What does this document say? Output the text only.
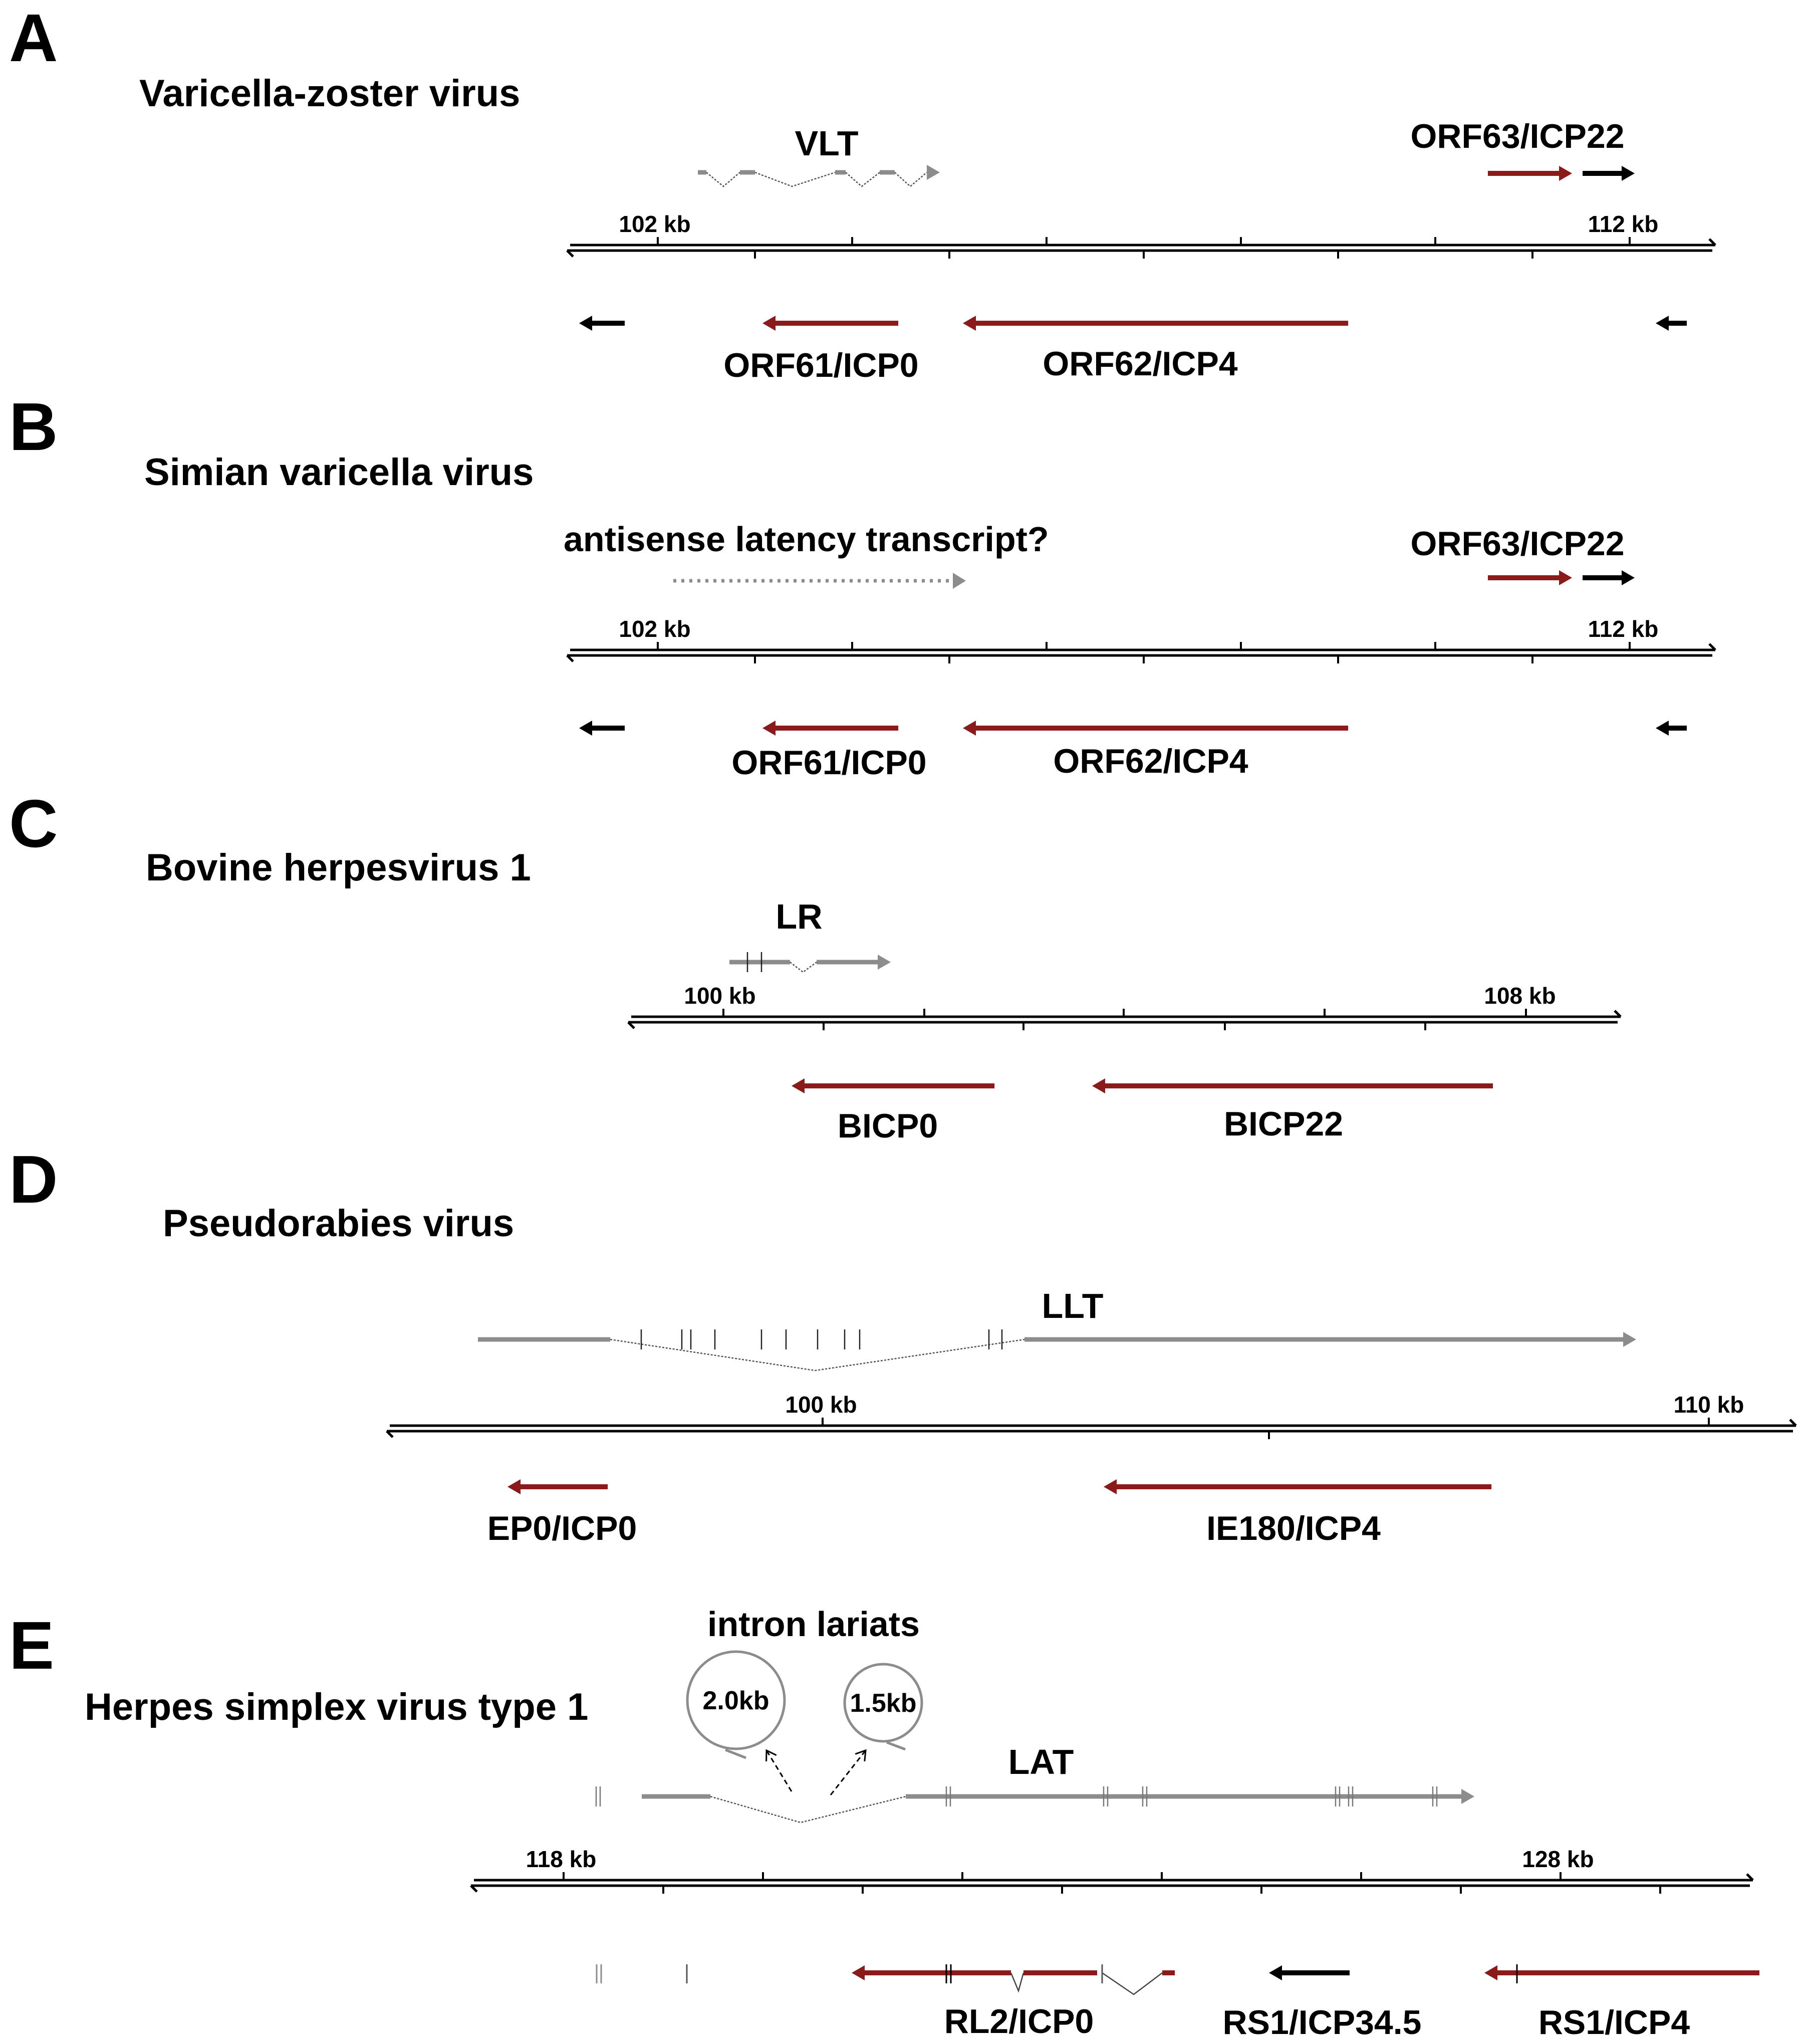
A
Varicella-zoster virus
VLT	ORF63/ICP22
102 kb	112 kb
ORF61/ICP0	ORF62/ICP4
B
Simian varicella virus
antisense latency transcript?	ORF63/ICP22
102 kb	112 kb
ORF61/ICP0	ORF62/ICP4
C
Bovine herpesvirus 1
LR
100 kb	108 kb
BICP0	BICP22
D
Pseudorabies virus
LLT
100 kb	110 kb
EP0/ICP0	IE180/ICP4
E
Herpes simplex virus type 1
LAT
intron lariats
2.0kb	1.5kb
118 kb	128 kb
RL2/ICP0	RS1/ICP34.5	RS1/ICP4
